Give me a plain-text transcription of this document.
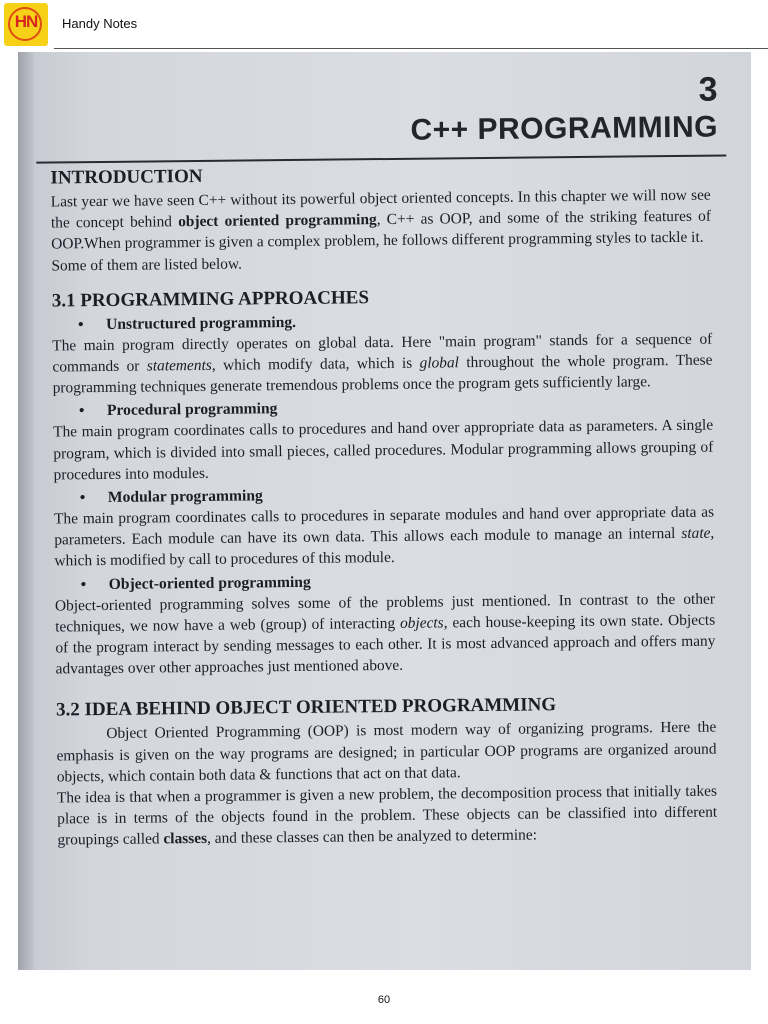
HN	Handy Notes
3
C++ PROGRAMMING
INTRODUCTION

Last year we have seen C++ without its powerful object oriented concepts. In this chapter we will now see the concept behind object oriented programming, C++ as OOP, and some of the striking features of OOP.When programmer is given a complex problem, he follows different programming styles to tackle it.

Some of them are listed below.

3.1 PROGRAMMING APPROACHES
• Unstructured programming.

The main program directly operates on global data. Here "main program" stands for a sequence of commands or statements, which modify data, which is global throughout the whole program. These programming techniques generate tremendous problems once the program gets sufficiently large.

• Procedural programming

The main program coordinates calls to procedures and hand over appropriate data as parameters. A single program, which is divided into small pieces, called procedures. Modular programming allows grouping of procedures into modules.

• Modular programming

The main program coordinates calls to procedures in separate modules and hand over appropriate data as parameters. Each module can have its own data. This allows each module to manage an internal state, which is modified by call to procedures of this module.

• Object-oriented programming

Object-oriented programming solves some of the problems just mentioned. In contrast to the other techniques, we now have a web (group) of interacting objects, each house-keeping its own state. Objects of the program interact by sending messages to each other. It is most advanced approach and offers many advantages over other approaches just mentioned above.

3.2 IDEA BEHIND OBJECT ORIENTED PROGRAMMING

Object Oriented Programming (OOP) is most modern way of organizing programs. Here the emphasis is given on the way programs are designed; in particular OOP programs are organized around objects, which contain both data & functions that act on that data.

The idea is that when a programmer is given a new problem, the decomposition process that initially takes place is in terms of the objects found in the problem. These objects can be classified into different groupings called classes, and these classes can then be analyzed to determine:

60
